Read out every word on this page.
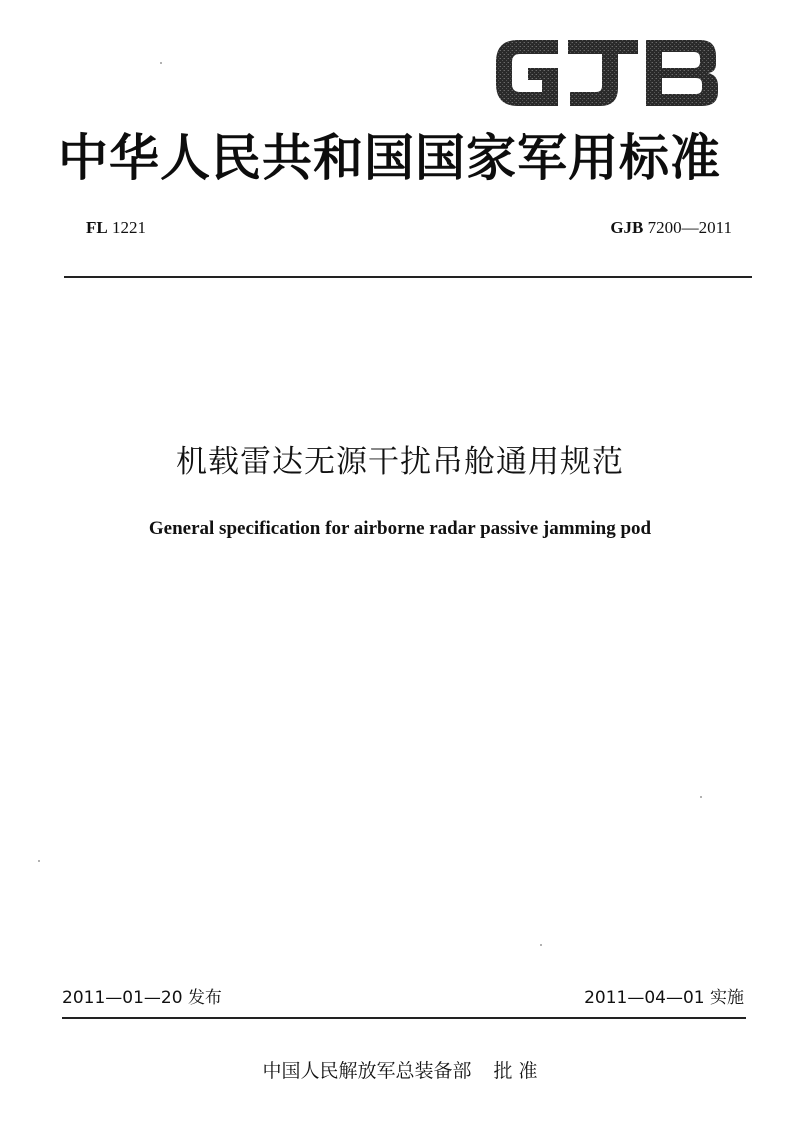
中华人民共和国国家军用标准
FL 1221	GJB 7200—2011
机载雷达无源干扰吊舱通用规范
General specification for airborne radar passive jamming pod
2011—01—20 发布	2011—04—01 实施
中国人民解放军总装备部 批 准
